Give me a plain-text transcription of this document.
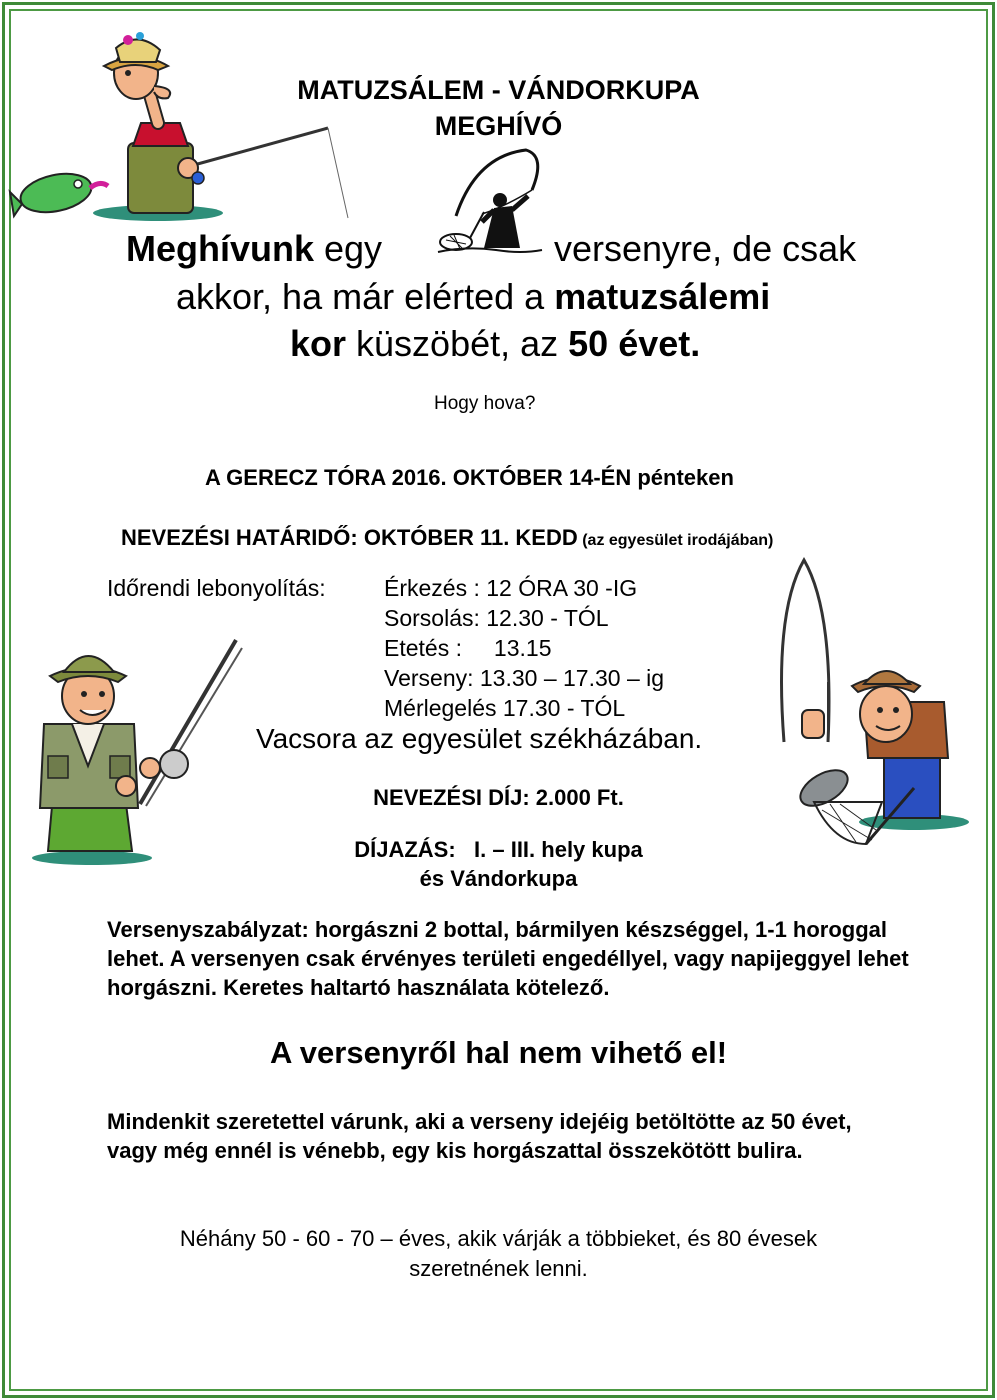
MATUZSÁLEM - VÁNDORKUPA
MEGHÍVÓ
Meghívunk egy	versenyre, de csak
akkor, ha már elérted a matuzsálemi
kor küszöbét, az 50 évet.
Hogy hova?
A GERECZ TÓRA 2016. OKTÓBER 14-ÉN pénteken
NEVEZÉSI HATÁRIDŐ: OKTÓBER 11. KEDD (az egyesület irodájában)
Időrendi lebonyolítás:	Érkezés : 12 ÓRA 30 -IG
Sorsolás: 12.30 - TÓL
Etetés :     13.15
Verseny: 13.30 – 17.30 – ig
Mérlegelés 17.30 - TÓL
Vacsora az egyesület székházában.
NEVEZÉSI DÍJ: 2.000 Ft.
DÍJAZÁS:   I. – III. hely kupa
és Vándorkupa
Versenyszabályzat: horgászni 2 bottal, bármilyen készséggel, 1-1 horoggal lehet. A versenyen csak érvényes területi engedéllyel, vagy napijeggyel lehet horgászni. Keretes haltartó használata kötelező.
A versenyről hal nem vihető el!
Mindenkit szeretettel várunk, aki a verseny idejéig betöltötte az 50 évet, vagy még ennél is vénebb, egy kis horgászattal összekötött bulira.
Néhány 50 - 60 - 70 – éves, akik várják a többieket, és 80 évesek
szeretnének lenni.
